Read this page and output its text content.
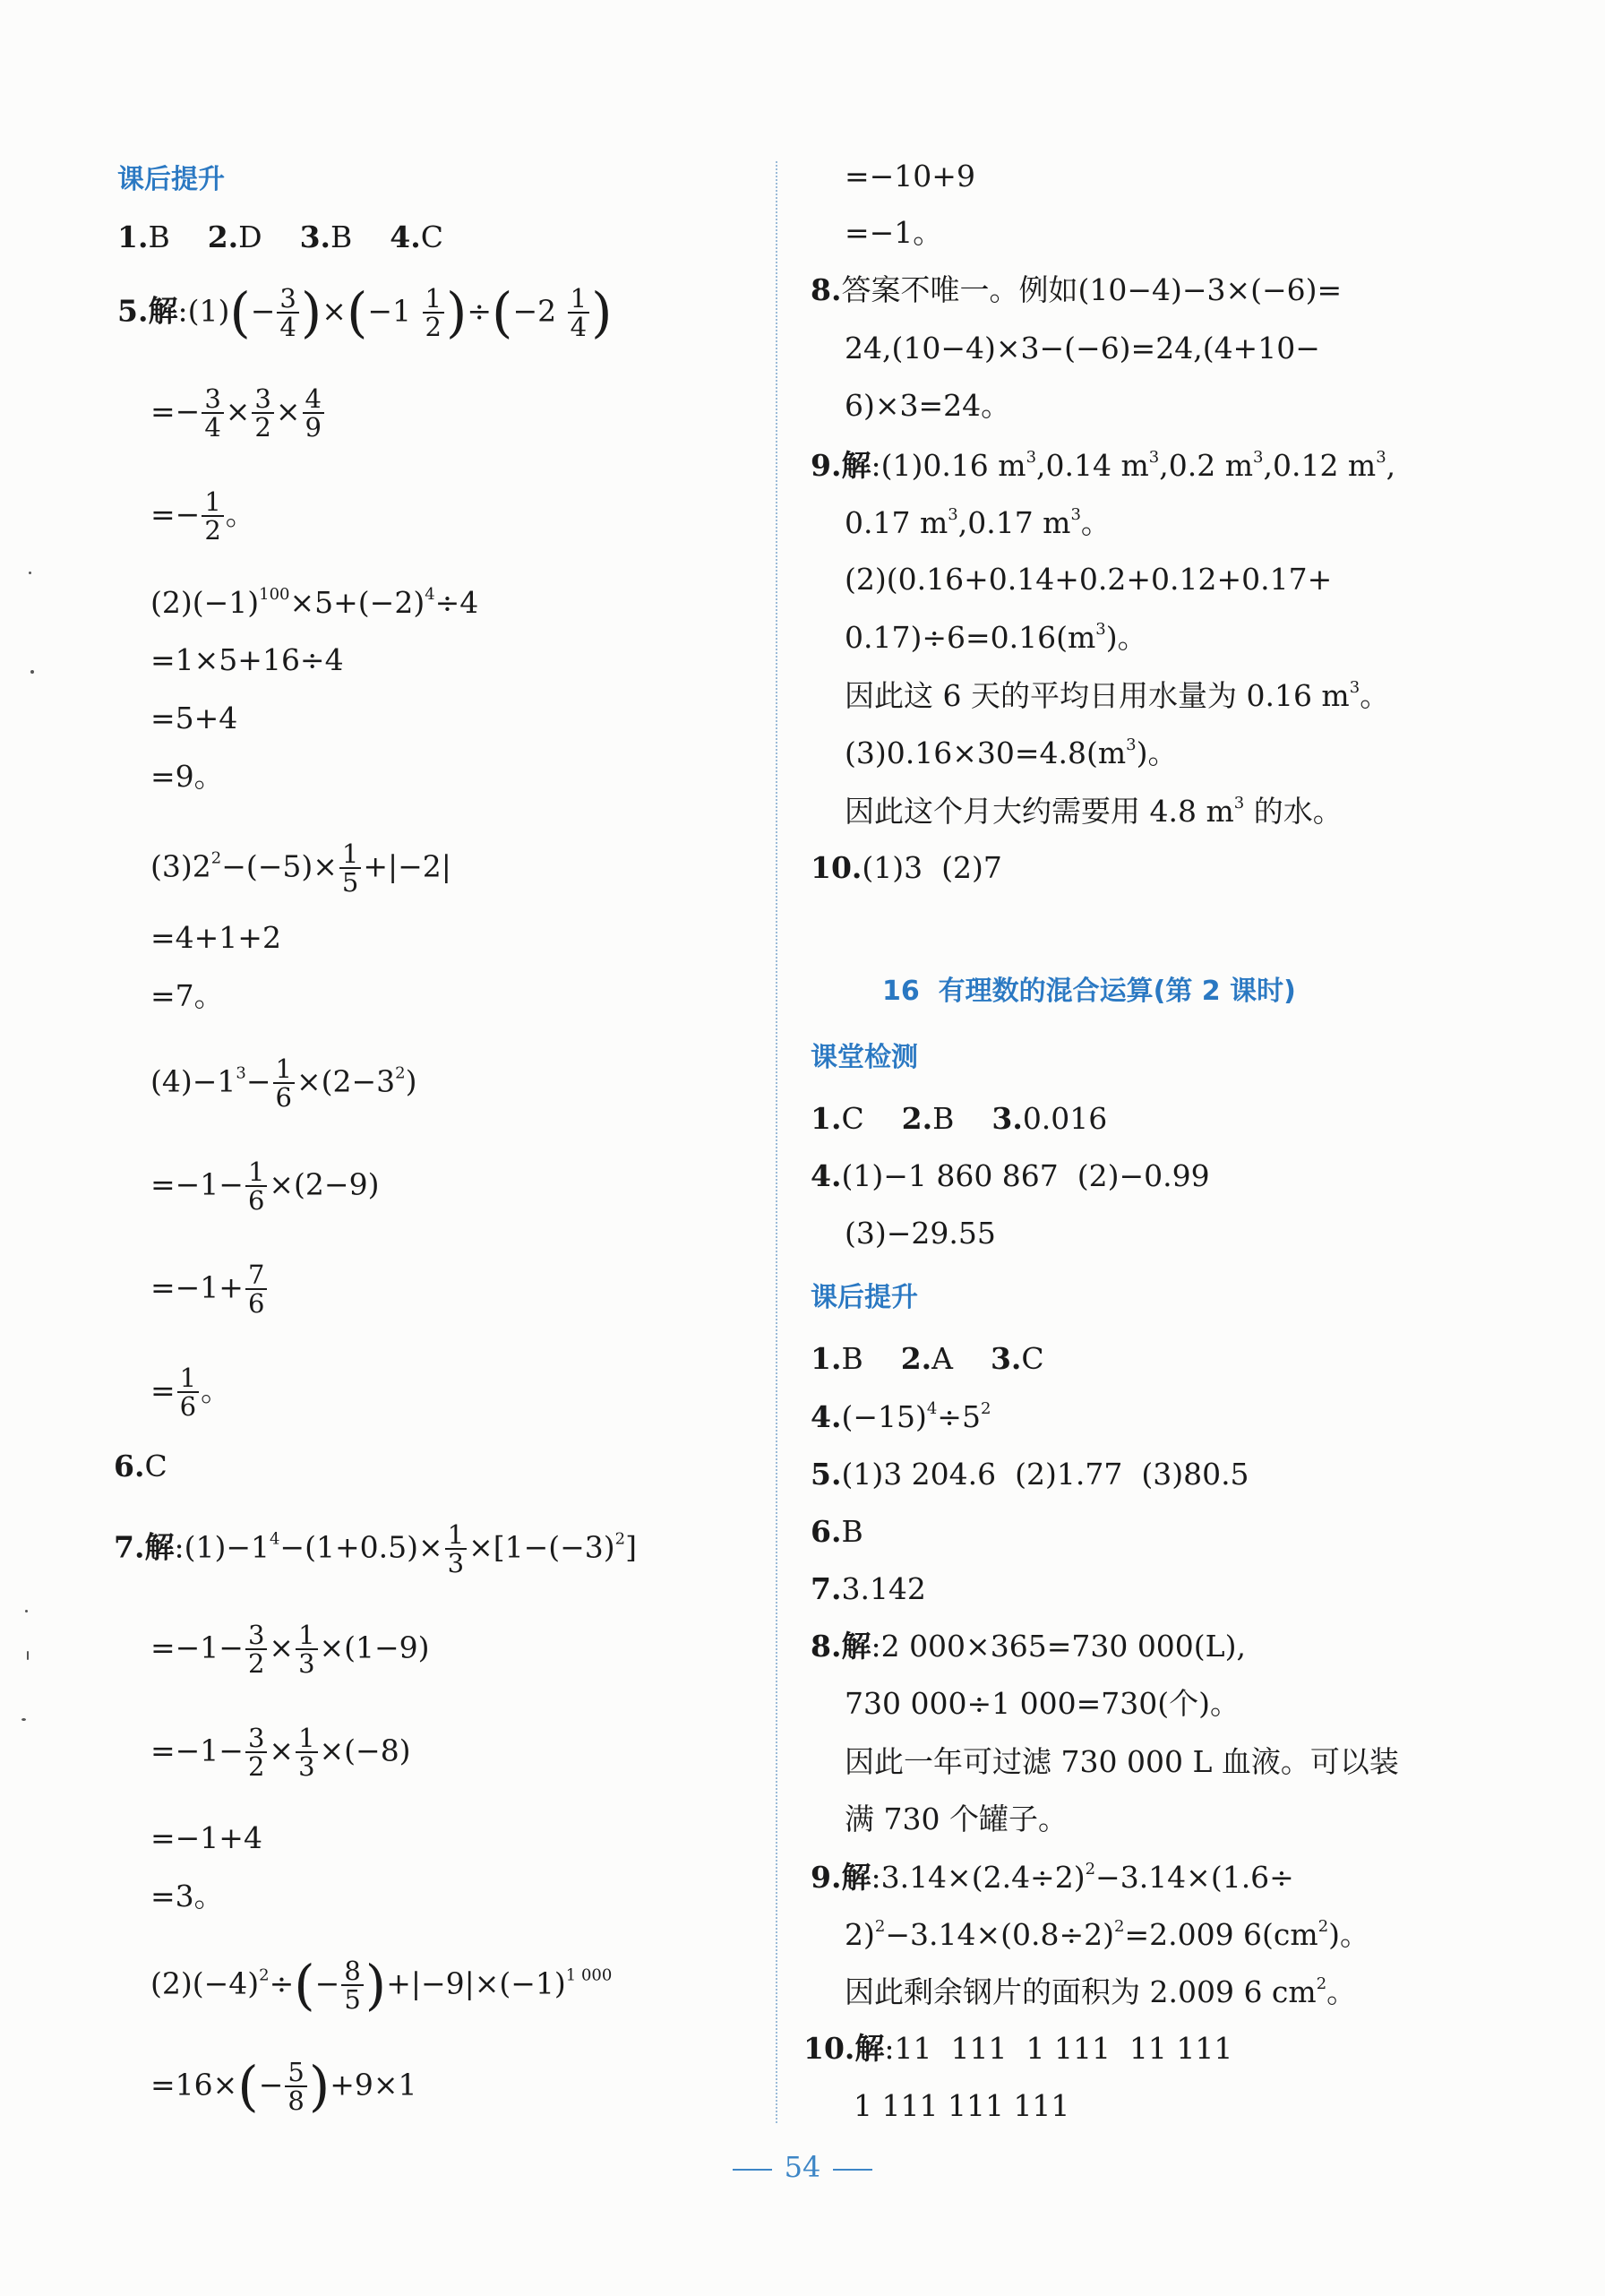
课后提升
1.B 2.D 3.B 4.C
5.解:(1)(− $\frac{3}{4} )\times(-1 \frac{1}{2} )\div(-2 \frac{1}{4}$ )
=− $\frac{3}{4} \times \frac{3}{2} \times \frac{4}{9}$
=− $\frac{1}{2}$ 。
$(2)(-1)^{100}\times 5+(-2)^4\div 4$
=1×5+16÷4
=5+4
=9。
$(3)2^2-(-5)\times \frac{1}{5} +|-2|$
=4+1+2
=7。
$(4)-1^3- \frac{1}{6} \times(2-3^2)$
$=-1- \frac{1}{6} \times(2-9)$
$=-1+ \frac{7}{6}$
= $\frac{1}{6}$ 。
6.C
7.解$:(1)-1^4-(1+0.5)\times \frac{1}{3} \times[1-(-3)^2]$
$=-1- \frac{3}{2} \times \frac{1}{3} \times(1-9)$
$=-1- \frac{3}{2} \times \frac{1}{3} \times(-8)$
=−1+4
=3。
$(2)(-4)^2\div(- \frac{8}{5} )+|-9|\times(-1)^{1 000}$
$=16\times(- \frac{5}{8} )+9\times 1$
=−10+9
=−1。
8.答案不唯一。例如(10−4)−3×(−6)=
24,(10−4)×3−(−6)=24,(4+10−
6)×3=24。
9.解:(1)0.16 $m^3,0.14$ $m^3,0.2$ $m^3,0.12$ $m^3$,
0.17 $m^3,0.17$ $m^3$。
(2)(0.16+0.14+0.2+0.12+0.17+
$0.17)\div 6=0.16(m^3)$。
因此这 6 天的平均日用水量为 0.16 $m^3$。
$(3)0.16\times 30=4.8(m^3)$。
因此这个月大约需要用 4.8 $m^3$ 的水。
10.(1)3  (2)7
16  有理数的混合运算(第 2 课时)
课堂检测
1.C 2.B 3.0.016
4.(1)−1 860 867  (2)−0.99
(3)−29.55
课后提升
1.B 2.A 3.C
$4.(-15)^4\div 5^2$
5.(1)3 204.6  (2)1.77  (3)80.5
6.B
7.3.142
8.解:2 000×365=730 000(L),
730 000÷1 000=730(个)。
因此一年可过滤 730 000 L 血液。可以装
满 730 个罐子。
9.解$:3.14\times(2.4\div 2)^2-3.14\times(1.6\div$
$2)^2-3.14\times(0.8\div 2)^2=2.009$ $6(cm^2)$。
因此剩余钢片的面积为 2.009 6 $cm^2$。
10.解:11  111  1 111  11 111
1 111 111 111
54
